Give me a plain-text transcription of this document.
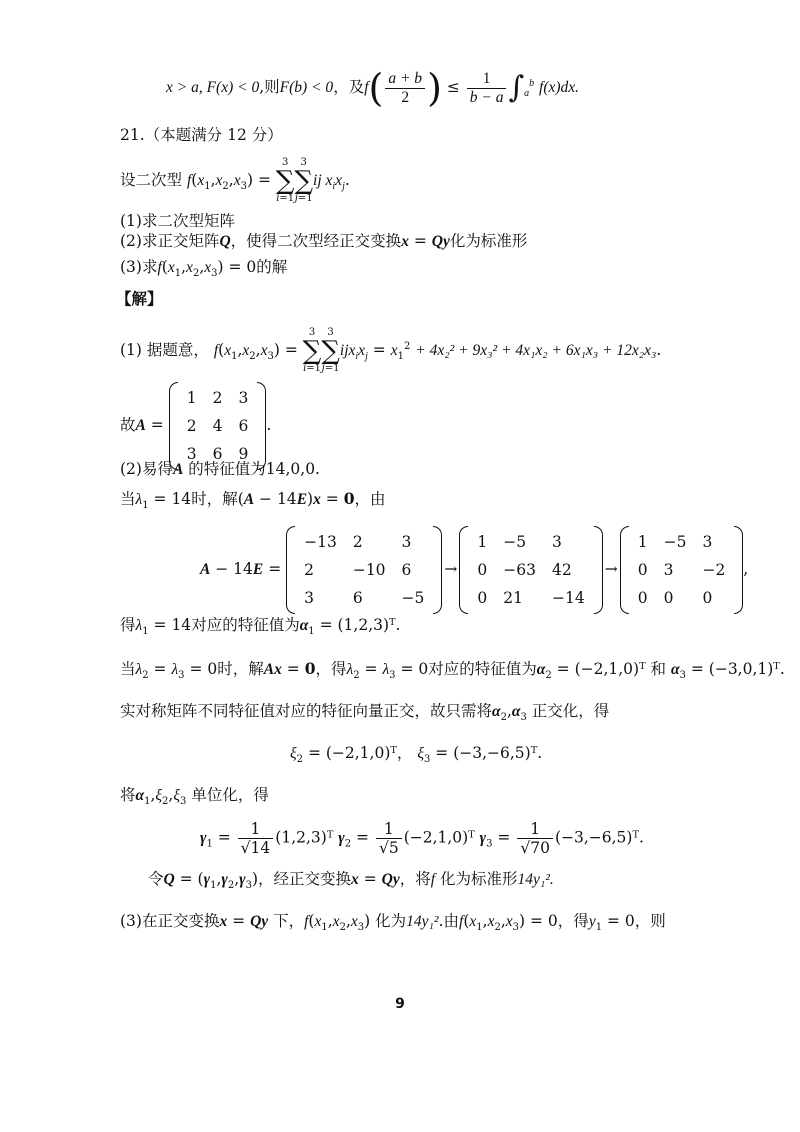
x > a, F(x) < 0,则F(b) < 0，及$f( \frac{a + b}{2}$ ) ≤ $\frac{1}{b - a} \int_a^b$ f(x)dx.
21.（本题满分 12 分）
设二次型 $f(x_1,x_2,x_3)$ =
3
∑
i=1
3
∑
j=1
ij $x_ix_j$.
(1)求二次型矩阵
(2)求正交矩阵Q，使得二次型经正交变换x = Qy化为标准形
(3)求$f(x_1,x_2,x_3) = 0$的解
【解】
(1) 据题意， $f(x_1,x_2,x_3)$ =
3
∑
i=1
3
∑
j=1
$ijx_ix_j = x_1^2 + 4x_2^2 + 9x_3^2 + 4x_1x_2 + 6x_1x_3 + 12x_2x_3$.
故A =
1	2	3
2	4	6
3	6	9
.
(2)易得A 的特征值为14,0,0.
当$\lambda_1 = 14$时，解(A − 14E)x = 0，由
A − 14E =
−13	2	3
2	−10	6
3	6	−5
→
1	−5	3
0	−63	42
0	21	−14
→
1	−5	3
0	3	−2
0	0	0
,
得$\lambda_1 = 14$对应的特征值为$\alpha_1$ = (1,2,3)ᵀ.
当$\lambda_2 = \lambda_3 = 0$时，解Ax = 0，得$\lambda_2 = \lambda_3 = 0$对应的特征值为$\alpha_2$ = (−2,1,0)ᵀ 和 $\alpha_3$ = (−3,0,1)ᵀ.
实对称矩阵不同特征值对应的特征向量正交，故只需将$\alpha_2,\alpha_3$ 正交化，得
$\xi_2$ = (−2,1,0)ᵀ， $\xi_3$ = (−3,−6,5)ᵀ.
将$\alpha_1,\xi_2,\xi_3$ 单位化，得
$\gamma_1 = \frac{1}{√14}$ (1,2,3)ᵀ $\gamma_2 = \frac{1}{√5}$ (−2,1,0)ᵀ $\gamma_3 = \frac{1}{√70}$ (−3,−6,5)ᵀ.
令$Q = (\gamma_1,\gamma_2,\gamma_3)$，经正交变换x = Qy，将f 化为标准形14y₁².
(3)在正交变换x = Qy 下，$f(x_1,x_2,x_3)$ 化为14y₁².由$f(x_1,x_2,x_3) = 0$，得$y_1 = 0$，则
9
